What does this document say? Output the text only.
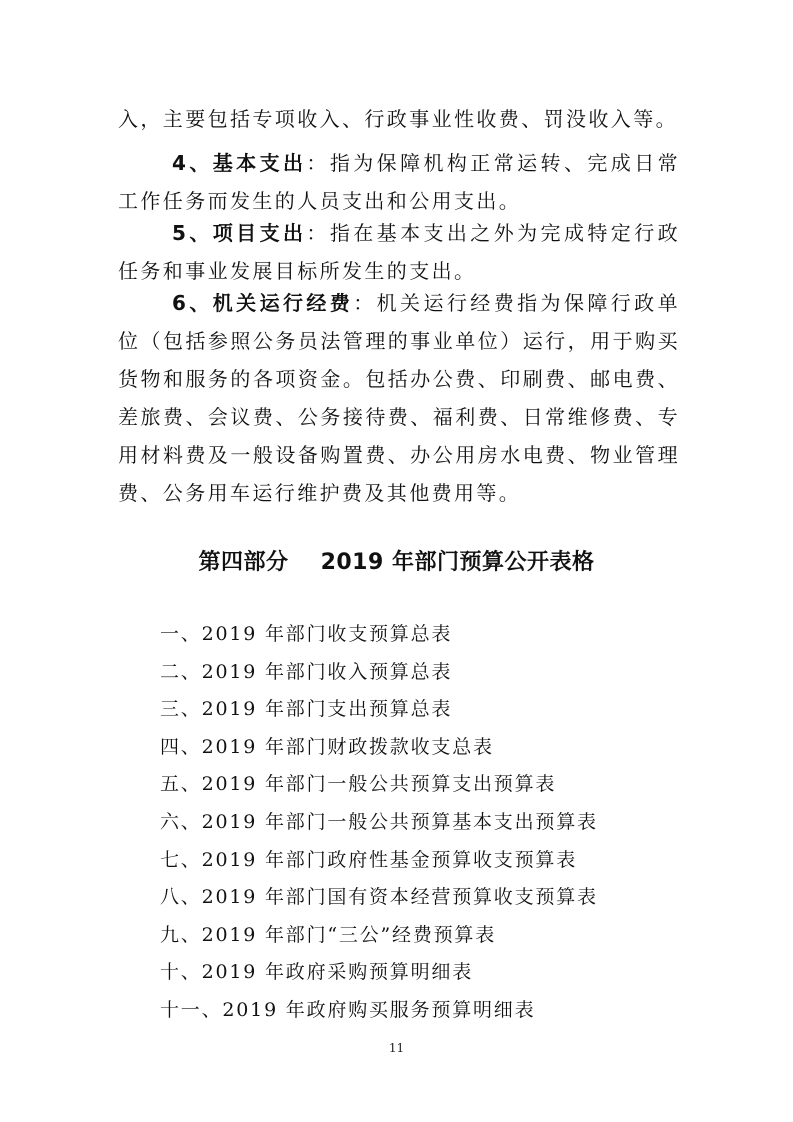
入，主要包括专项收入、行政事业性收费、罚没收入等。

4、基本支出：指为保障机构正常运转、完成日常工作任务而发生的人员支出和公用支出。

5、项目支出：指在基本支出之外为完成特定行政任务和事业发展目标所发生的支出。

6、机关运行经费：机关运行经费指为保障行政单位（包括参照公务员法管理的事业单位）运行，用于购买货物和服务的各项资金。包括办公费、印刷费、邮电费、差旅费、会议费、公务接待费、福利费、日常维修费、专用材料费及一般设备购置费、办公用房水电费、物业管理费、公务用车运行维护费及其他费用等。

第四部分 2019 年部门预算公开表格
一、2019 年部门收支预算总表
二、2019 年部门收入预算总表
三、2019 年部门支出预算总表
四、2019 年部门财政拨款收支总表
五、2019 年部门一般公共预算支出预算表
六、2019 年部门一般公共预算基本支出预算表
七、2019 年部门政府性基金预算收支预算表
八、2019 年部门国有资本经营预算收支预算表
九、2019 年部门“三公”经费预算表
十、2019 年政府采购预算明细表
十一、2019 年政府购买服务预算明细表
11
